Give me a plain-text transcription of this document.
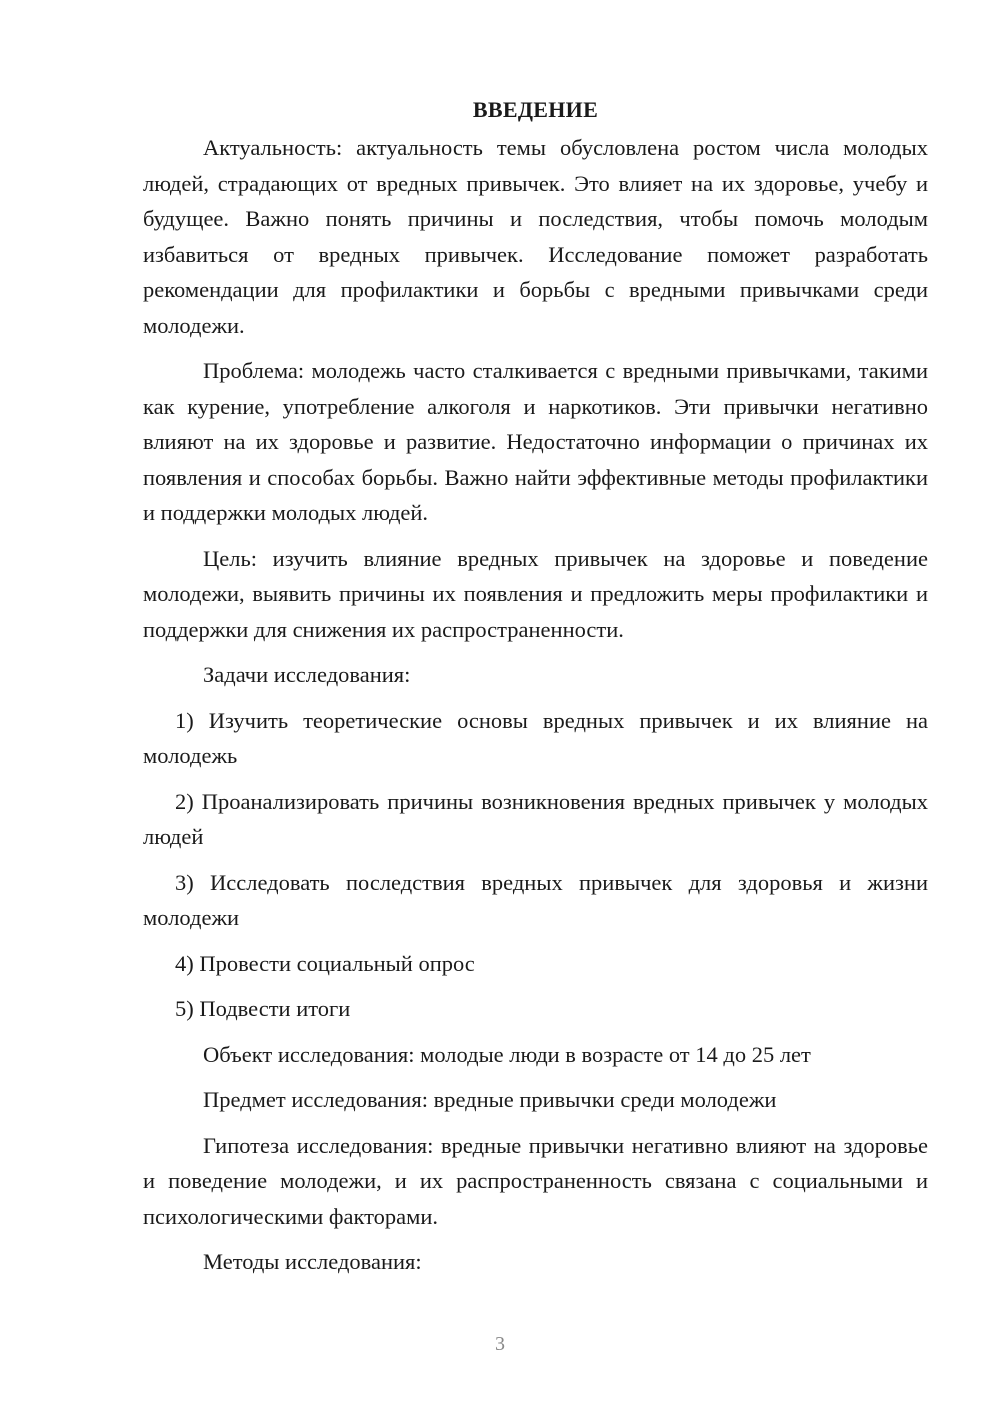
ВВЕДЕНИЕ

Актуальность: актуальность темы обусловлена ростом числа молодых людей, страдающих от вредных привычек. Это влияет на их здоровье, учебу и будущее. Важно понять причины и последствия, чтобы помочь молодым избавиться от вредных привычек. Исследование поможет разработать рекомендации для профилактики и борьбы с вредными привычками среди молодежи.

Проблема: молодежь часто сталкивается с вредными привычками, такими как курение, употребление алкоголя и наркотиков. Эти привычки негативно влияют на их здоровье и развитие. Недостаточно информации о причинах их появления и способах борьбы. Важно найти эффективные методы профилактики и поддержки молодых людей.

Цель: изучить влияние вредных привычек на здоровье и поведение молодежи, выявить причины их появления и предложить меры профилактики и поддержки для снижения их распространенности.

Задачи исследования:

1) Изучить теоретические основы вредных привычек и их влияние на молодежь

2) Проанализировать причины возникновения вредных привычек у молодых людей

3) Исследовать последствия вредных привычек для здоровья и жизни молодежи

4) Провести социальный опрос

5) Подвести итоги

Объект исследования: молодые люди в возрасте от 14 до 25 лет

Предмет исследования: вредные привычки среди молодежи

Гипотеза исследования: вредные привычки негативно влияют на здоровье и поведение молодежи, и их распространенность связана с социальными и психологическими факторами.

Методы исследования:

3
